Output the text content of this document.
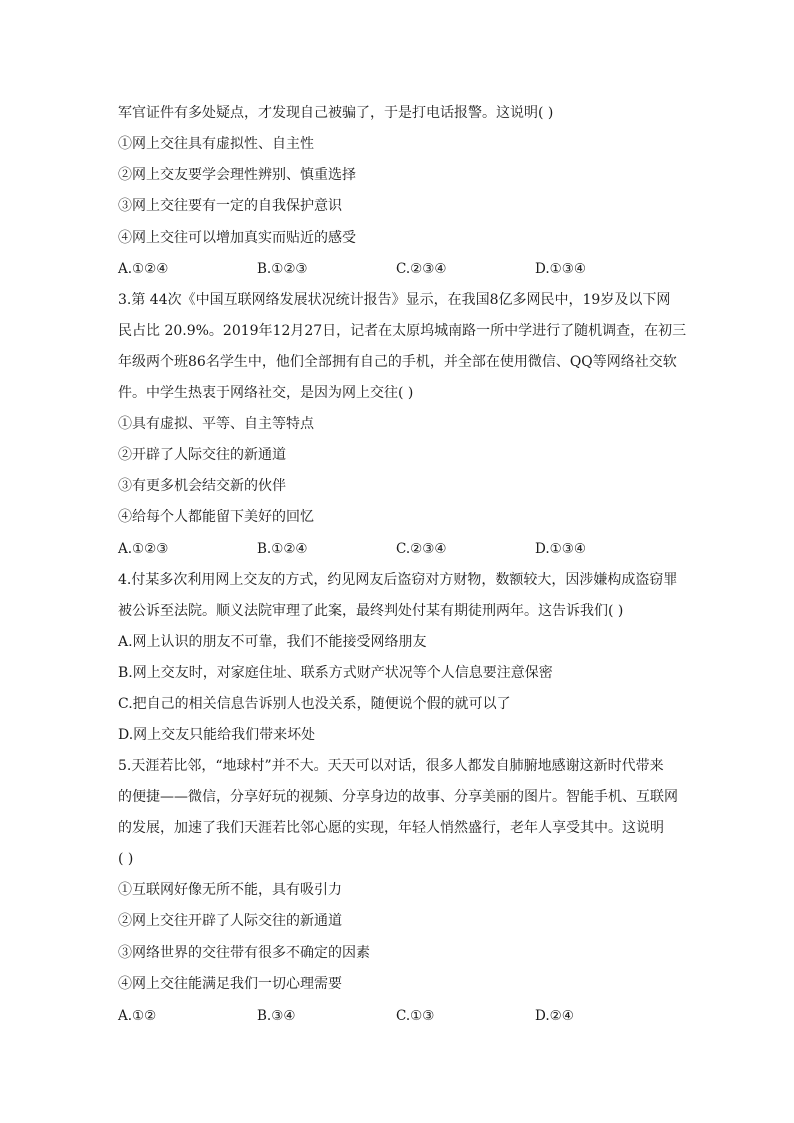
军官证件有多处疑点，才发现自己被骗了，于是打电话报警。这说明( )
①网上交往具有虚拟性、自主性
②网上交友要学会理性辨别、慎重选择
③网上交往要有一定的自我保护意识
④网上交往可以增加真实而贴近的感受
A.①②④	B.①②③	C.②③④	D.①③④
3.第 44次《中国互联网络发展状况统计报告》显示，在我国8亿多网民中，19岁及以下网
民占比 20.9%。2019年12月27日，记者在太原坞城南路一所中学进行了随机调查，在初三
年级两个班86名学生中，他们全部拥有自己的手机，并全部在使用微信、QQ等网络社交软
件。中学生热衷于网络社交，是因为网上交往( )
①具有虚拟、平等、自主等特点
②开辟了人际交往的新通道
③有更多机会结交新的伙伴
④给每个人都能留下美好的回忆
A.①②③	B.①②④	C.②③④	D.①③④
4.付某多次利用网上交友的方式，约见网友后盗窃对方财物，数额较大，因涉嫌构成盗窃罪
被公诉至法院。顺义法院审理了此案，最终判处付某有期徒刑两年。这告诉我们( )
A.网上认识的朋友不可靠，我们不能接受网络朋友
B.网上交友时，对家庭住址、联系方式财产状况等个人信息要注意保密
C.把自己的相关信息告诉别人也没关系，随便说个假的就可以了
D.网上交友只能给我们带来坏处
5.天涯若比邻，“地球村”并不大。天天可以对话，很多人都发自肺腑地感谢这新时代带来
的便捷——微信，分享好玩的视频、分享身边的故事、分享美丽的图片。智能手机、互联网
的发展，加速了我们天涯若比邻心愿的实现，年轻人悄然盛行，老年人享受其中。这说明
( )
①互联网好像无所不能，具有吸引力
②网上交往开辟了人际交往的新通道
③网络世界的交往带有很多不确定的因素
④网上交往能满足我们一切心理需要
A.①②	B.③④	C.①③	D.②④
